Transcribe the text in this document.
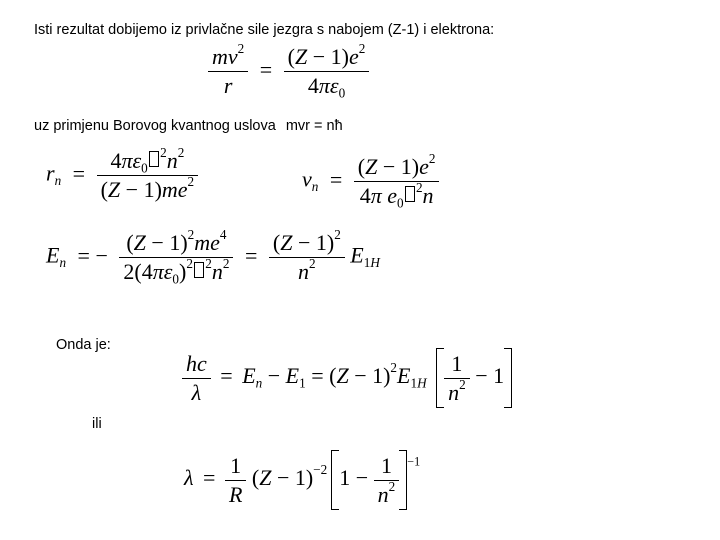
Isti rezultat dobijemo iz privlačne sile jezgra s nabojem (Z-1) i elektrona:
$\frac{mv^2}{r} = \frac{(Z - 1)e^2}{4\pi\varepsilon_0}$
uz primjenu Borovog kvantnog uslova mvr = nħ
$r_n = \frac{4\pi\varepsilon_0^2n^2}{(Z - 1)me^2}$	$\nu_n = \frac{(Z - 1)e^2}{4\pi e_0^2n}$
$E_n$ = − $\frac{(Z - 1)^2me^4}{2(4\pi\varepsilon_0)^2 ^2n^2} = \frac{(Z - 1)^2}{n^2} E_{1H}$
Onda je:
$\frac{hc}{\lambda} = E_n - E_1 = (Z - 1)^2E_{1H} \frac{1}{n^2} - 1$
ili
$\lambda = \frac{1}{R} (Z - 1)^{-2}$ $1 - \frac{1}{n^2} ^{-1}$
